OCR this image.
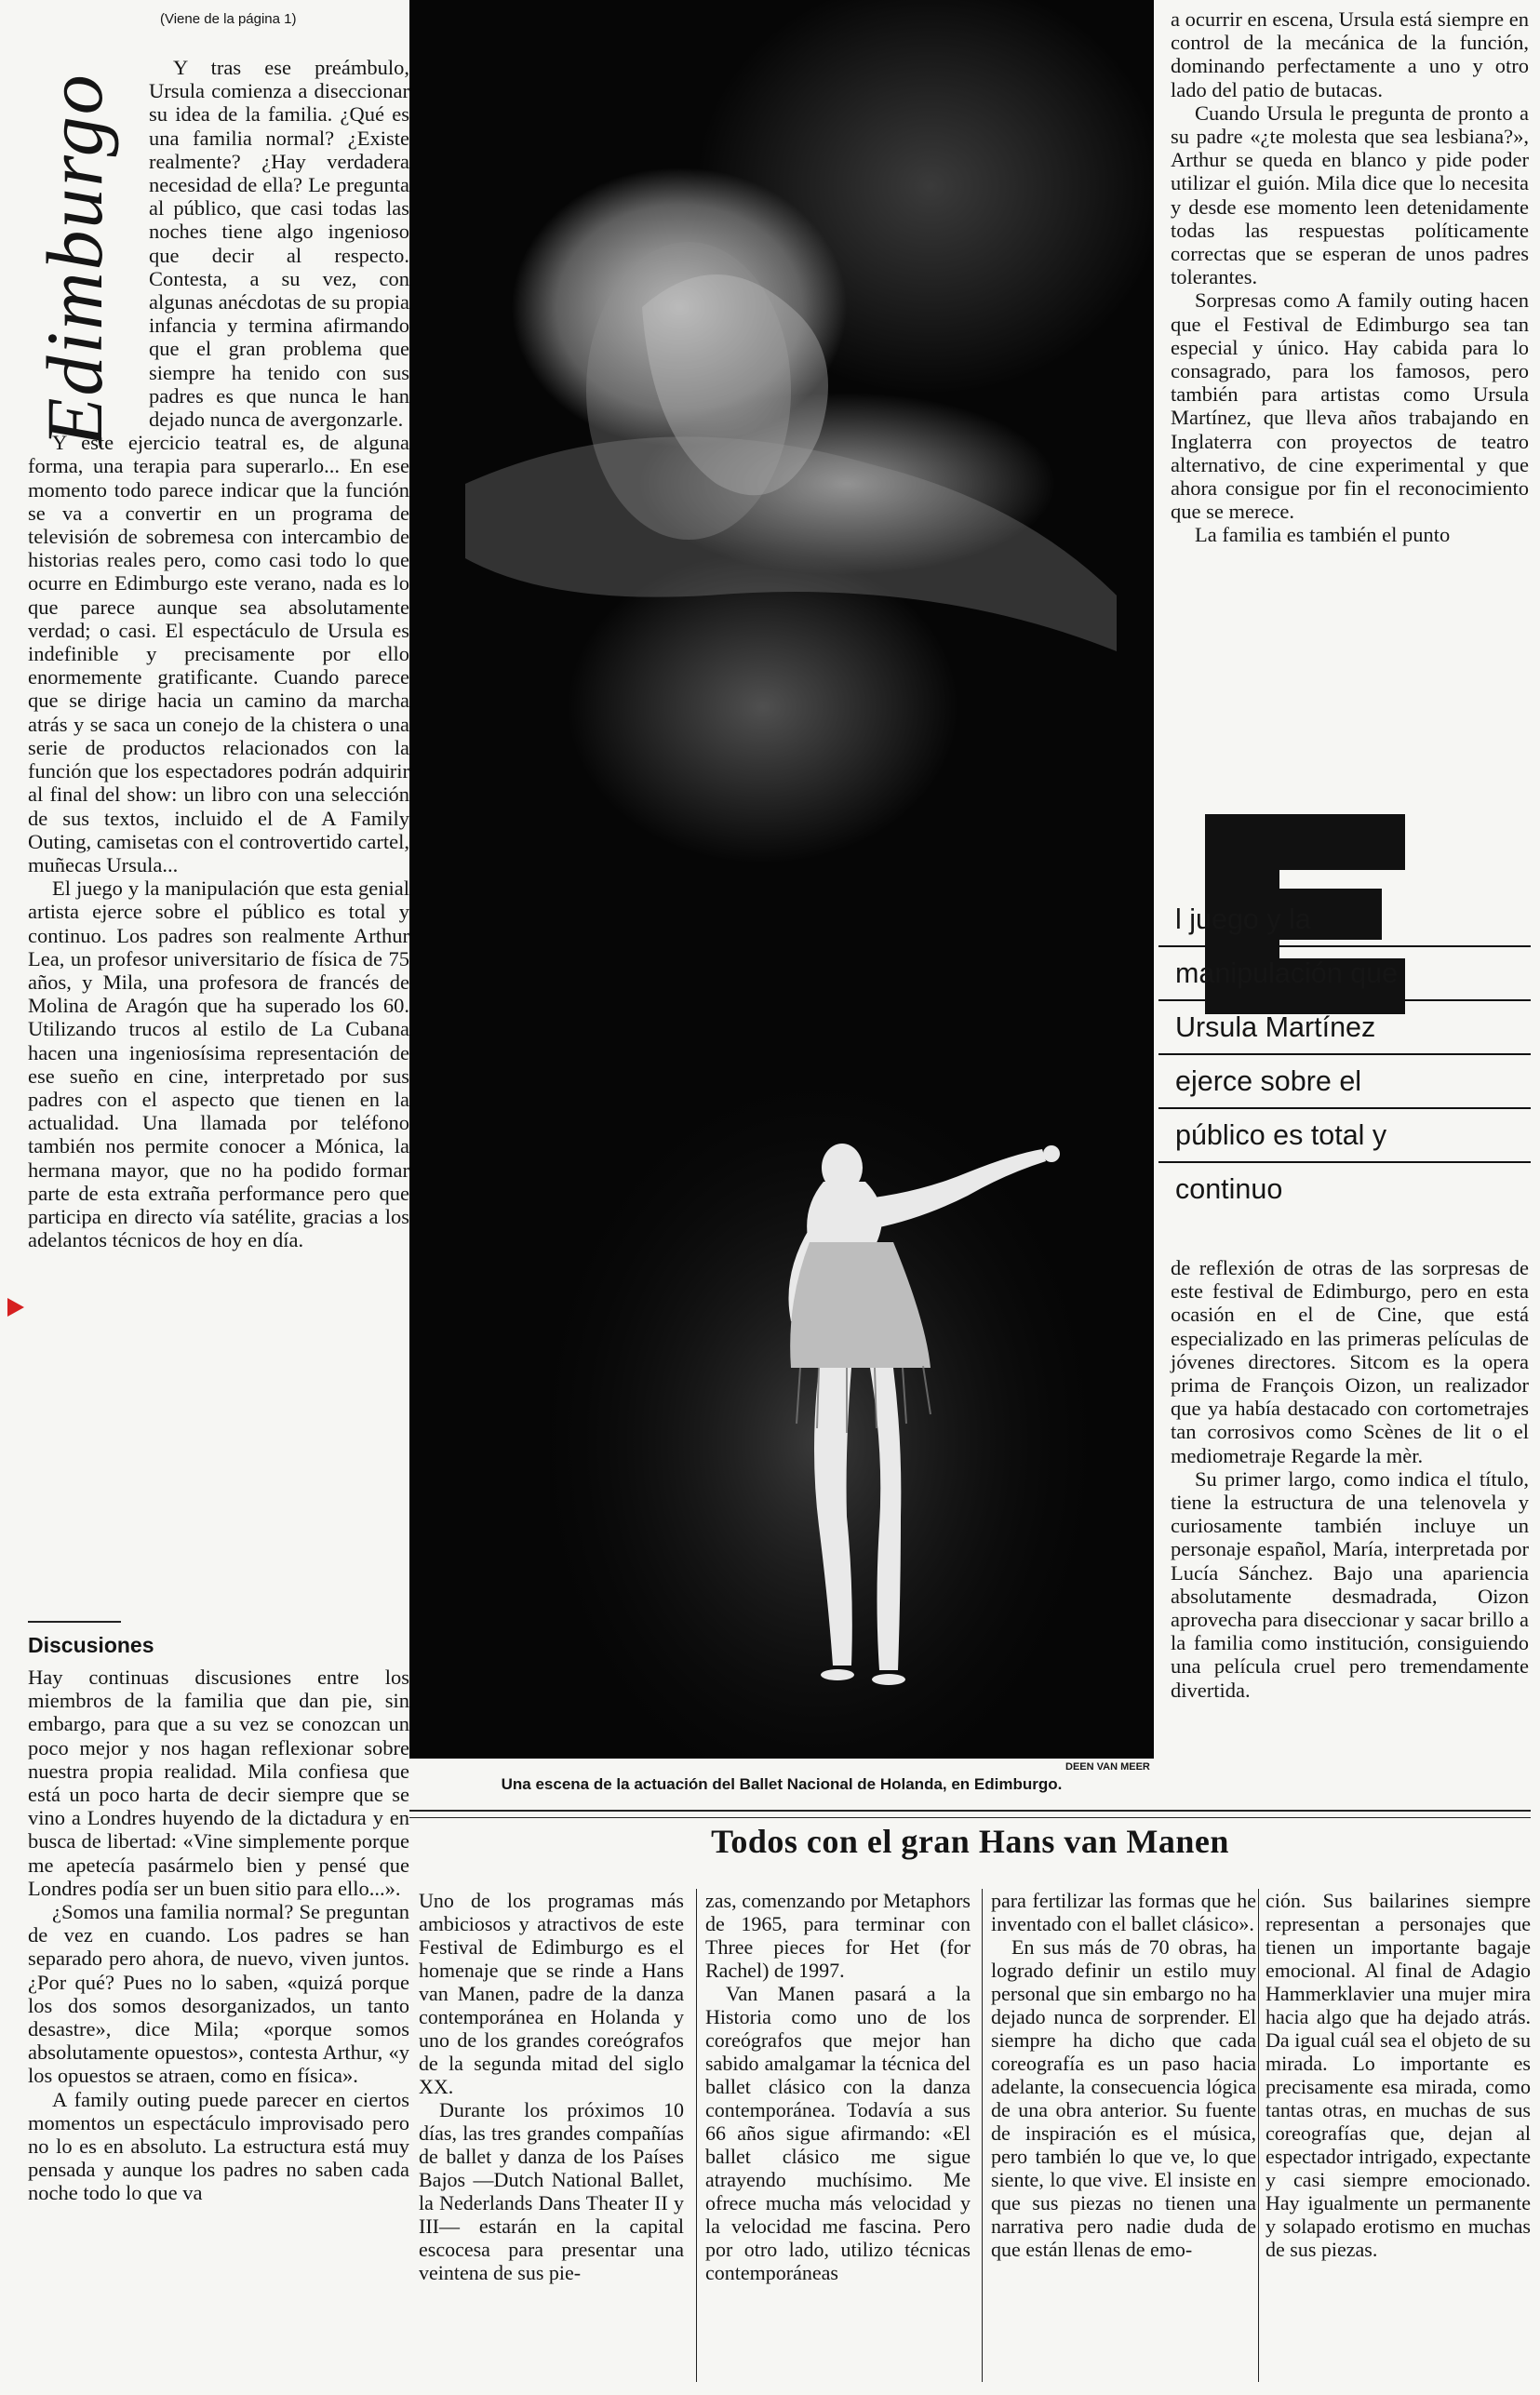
(Viene de la página 1)
Edimburgo

Y tras ese preámbulo, Ursula comienza a diseccionar su idea de la familia. ¿Qué es una familia normal? ¿Existe realmente? ¿Hay verdadera necesidad de ella? Le pregunta al público, que casi todas las noches tiene algo ingenioso que decir al respecto. Contesta, a su vez, con algunas anécdotas de su propia infancia y termina afirmando que el gran problema que siempre ha tenido con sus padres es que nunca le han dejado nunca de avergonzarle.

Y este ejercicio teatral es, de alguna forma, una terapia para superarlo... En ese momento todo parece indicar que la función se va a convertir en un programa de televisión de sobremesa con intercambio de historias reales pero, como casi todo lo que ocurre en Edimburgo este verano, nada es lo que parece aunque sea absolutamente verdad; o casi. El espectáculo de Ursula es indefinible y precisamente por ello enormemente gratificante. Cuando parece que se dirige hacia un camino da marcha atrás y se saca un conejo de la chistera o una serie de productos relacionados con la función que los espectadores podrán adquirir al final del show: un libro con una selección de sus textos, incluido el de A Family Outing, camisetas con el controvertido cartel, muñecas Ursula...

El juego y la manipulación que esta genial artista ejerce sobre el público es total y continuo. Los padres son realmente Arthur Lea, un profesor universitario de física de 75 años, y Mila, una profesora de francés de Molina de Aragón que ha superado los 60. Utilizando trucos al estilo de La Cubana hacen una ingeniosísima representación de ese sueño en cine, interpretado por sus padres con el aspecto que tienen en la actualidad. Una llamada por teléfono también nos permite conocer a Mónica, la hermana mayor, que no ha podido formar parte de esta extraña performance pero que participa en directo vía satélite, gracias a los adelantos técnicos de hoy en día.

Discusiones

Hay continuas discusiones entre los miembros de la familia que dan pie, sin embargo, para que a su vez se conozcan un poco mejor y nos hagan reflexionar sobre nuestra propia realidad. Mila confiesa que está un poco harta de decir siempre que se vino a Londres huyendo de la dictadura y en busca de libertad: «Vine simplemente porque me apetecía pasármelo bien y pensé que Londres podía ser un buen sitio para ello...».

¿Somos una familia normal? Se preguntan de vez en cuando. Los padres se han separado pero ahora, de nuevo, viven juntos. ¿Por qué? Pues no lo saben, «quizá porque los dos somos desorganizados, un tanto desastre», dice Mila; «porque somos absolutamente opuestos», contesta Arthur, «y los opuestos se atraen, como en física».

A family outing puede parecer en ciertos momentos un espectáculo improvisado pero no lo es en absoluto. La estructura está muy pensada y aunque los padres no saben cada noche todo lo que va

DEEN VAN MEER
Una escena de la actuación del Ballet Nacional de Holanda, en Edimburgo.

a ocurrir en escena, Ursula está siempre en control de la mecánica de la función, dominando perfectamente a uno y otro lado del patio de butacas.

Cuando Ursula le pregunta de pronto a su padre «¿te molesta que sea lesbiana?», Arthur se queda en blanco y pide poder utilizar el guión. Mila dice que lo necesita y desde ese momento leen detenidamente todas las respuestas políticamente correctas que se esperan de unos padres tolerantes.

Sorpresas como A family outing hacen que el Festival de Edimburgo sea tan especial y único. Hay cabida para lo consagrado, para los famosos, pero también para artistas como Ursula Martínez, que lleva años trabajando en Inglaterra con proyectos de teatro alternativo, de cine experimental y que ahora consigue por fin el reconocimiento que se merece.

La familia es también el punto

l juego y la
manipulación que
Ursula Martínez
ejerce sobre el
público es total y
continuo

de reflexión de otras de las sorpresas de este festival de Edimburgo, pero en esta ocasión en el de Cine, que está especializado en las primeras películas de jóvenes directores. Sitcom es la opera prima de François Oizon, un realizador que ya había destacado con cortometrajes tan corrosivos como Scènes de lit o el mediometraje Regarde la mèr.

Su primer largo, como indica el título, tiene la estructura de una telenovela y curiosamente también incluye un personaje español, María, interpretada por Lucía Sánchez. Bajo una apariencia absolutamente desmadrada, Oizon aprovecha para diseccionar y sacar brillo a la familia como institución, consiguiendo una película cruel pero tremendamente divertida.

Todos con el gran Hans van Manen

Uno de los programas más ambiciosos y atractivos de este Festival de Edimburgo es el homenaje que se rinde a Hans van Manen, padre de la danza contemporánea en Holanda y uno de los grandes coreógrafos de la segunda mitad del siglo XX.

Durante los próximos 10 días, las tres grandes compañías de ballet y danza de los Países Bajos —Dutch National Ballet, la Nederlands Dans Theater II y III— estarán en la capital escocesa para presentar una veintena de sus pie-

zas, comenzando por Metaphors de 1965, para terminar con Three pieces for Het (for Rachel) de 1997.

Van Manen pasará a la Historia como uno de los coreógrafos que mejor han sabido amalgamar la técnica del ballet clásico con la danza contemporánea. Todavía a sus 66 años sigue afirmando: «El ballet clásico me sigue atrayendo muchísimo. Me ofrece mucha más velocidad y la velocidad me fascina. Pero por otro lado, utilizo técnicas contemporáneas

para fertilizar las formas que he inventado con el ballet clásico».

En sus más de 70 obras, ha logrado definir un estilo muy personal que sin embargo no ha dejado nunca de sorprender. El siempre ha dicho que cada coreografía es un paso hacia adelante, la consecuencia lógica de una obra anterior. Su fuente de inspiración es el música, pero también lo que ve, lo que siente, lo que vive. El insiste en que sus piezas no tienen una narrativa pero nadie duda de que están llenas de emo-

ción. Sus bailarines siempre representan a personajes que tienen un importante bagaje emocional. Al final de Adagio Hammerklavier una mujer mira hacia algo que ha dejado atrás. Da igual cuál sea el objeto de su mirada. Lo importante es precisamente esa mirada, como tantas otras, en muchas de sus coreografías que, dejan al espectador intrigado, expectante y casi siempre emocionado. Hay igualmente un permanente y solapado erotismo en muchas de sus piezas.
